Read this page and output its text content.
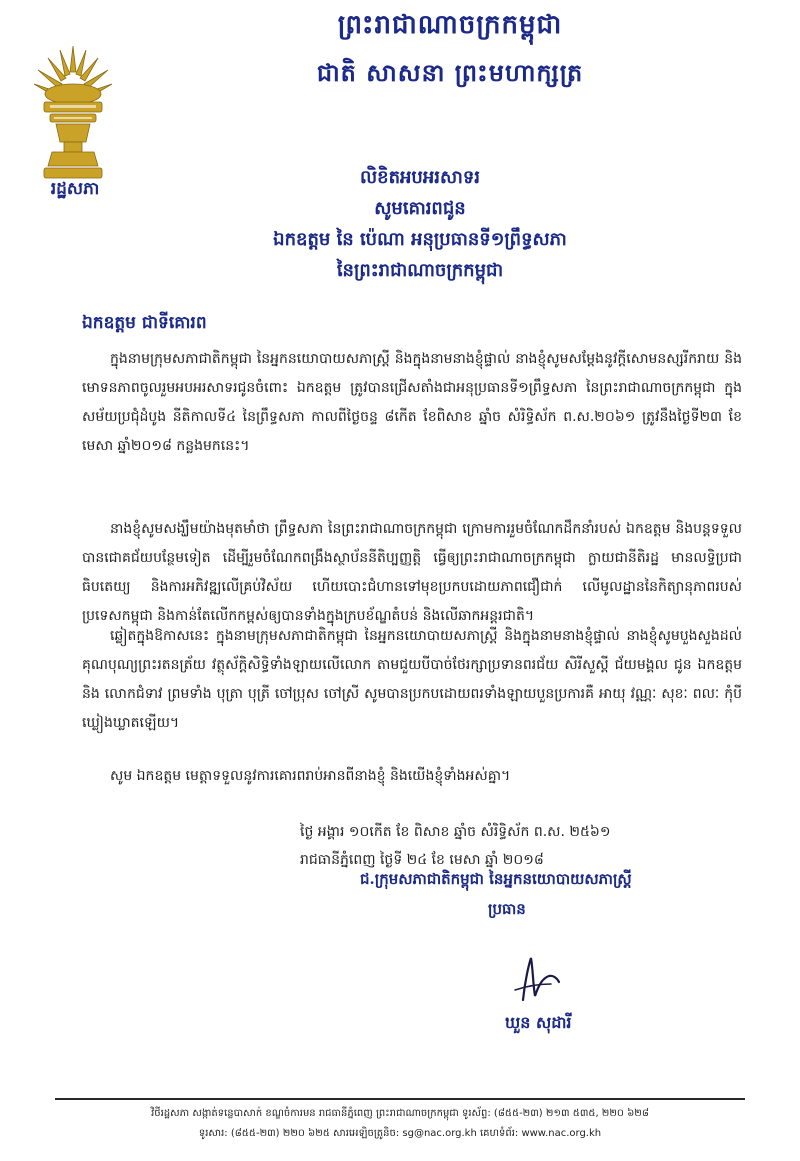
ព្រះរាជាណាចក្រកម្ពុជា
ជាតិ សាសនា ព្រះមហាក្សត្រ
រដ្ឋសភា
លិខិតអបអរសាទរ
សូមគោរពជូន
ឯកឧត្តម នៃ ប៉េណា អនុប្រធានទី១ព្រឹទ្ធសភា
នៃព្រះរាជាណាចក្រកម្ពុជា
ឯកឧត្តម ជាទីគោរព
ក្នុងនាមក្រុមសភាជាតិកម្ពុជា នៃអ្នកនយោបាយសភាស្ត្រី និងក្នុងនាមនាងខ្ញុំផ្ទាល់ នាងខ្ញុំសូមសម្តែងនូវក្តីសោមនស្សរីករាយ និងមោទនភាពចូលរួមអបអរសាទរជូនចំពោះ ឯកឧត្តម ត្រូវបានជ្រើសតាំងជាអនុប្រធានទី១ព្រឹទ្ធសភា នៃព្រះរាជាណាចក្រកម្ពុជា ក្នុងសម័យប្រជុំដំបូង នីតិកាលទី៤ នៃព្រឹទ្ធសភា កាលពីថ្ងៃចន្ទ ៨កើត ខែពិសាខ ឆ្នាំច សំរិទ្ធិស័ក ព.ស.២០៦១ ត្រូវនឹងថ្ងៃទី២៣ ខែមេសា ឆ្នាំ២០១៨ កន្លងមកនេះ។
នាងខ្ញុំសូមសង្ឃឹមយ៉ាងមុតមាំថា ព្រឹទ្ធសភា នៃព្រះរាជាណាចក្រកម្ពុជា ក្រោមការរួមចំណែកដឹកនាំរបស់ ឯកឧត្តម និងបន្តទទួលបានជោគជ័យបន្ថែមទៀត ដើម្បីរួមចំណែកពង្រឹងស្ថាប័ននីតិប្បញ្ញត្តិ ធ្វើឲ្យព្រះរាជាណាចក្រកម្ពុជា ក្លាយជានីតិរដ្ឋ មានលទ្ធិប្រជាធិបតេយ្យ និងការអភិវឌ្ឍលើគ្រប់វិស័យ ហើយបោះជំហានទៅមុខប្រកបដោយភាពជឿជាក់ លើមូលដ្ឋាននៃកិត្យានុភាពរបស់ប្រទេសកម្ពុជា និងកាន់តែលើកកម្ពស់ឲ្យបានទាំងក្នុងក្របខ័ណ្ឌតំបន់ និងលើឆាកអន្តរជាតិ។
ឆ្លៀតក្នុងឱកាសនេះ ក្នុងនាមក្រុមសភាជាតិកម្ពុជា នៃអ្នកនយោបាយសភាស្ត្រី និងក្នុងនាមនាងខ្ញុំផ្ទាល់ នាងខ្ញុំសូមបួងសួងដល់គុណបុណ្យព្រះរតនត្រ័យ វត្ថុស័ក្តិសិទ្ធិទាំងឡាយលើលោក តាមជួយបីបាច់ថែរក្សាប្រទានពរជ័យ សិរីសួស្តី ជ័យមង្គល ជូន ឯកឧត្តម និង លោកជំទាវ ព្រមទាំង បុត្រា បុត្រី ចៅប្រុស ចៅស្រី សូមបានប្រកបដោយពរទាំងឡាយបួនប្រការគឺ អាយុ វណ្ណៈ សុខៈ ពលៈ កុំបី ឃ្លៀងឃ្លាតឡើយ។
សូម ឯកឧត្តម មេត្តាទទួលនូវការគោរពរាប់អានពីនាងខ្ញុំ និងយើងខ្ញុំទាំងអស់គ្នា។
ថ្ងៃ អង្គារ ១០កើត ខែ ពិសាខ ឆ្នាំច សំរិទ្ធិស័ក ព.ស. ២៥៦១
រាជធានីភ្នំពេញ ថ្ងៃទី ២៤ ខែ មេសា ឆ្នាំ ២០១៨
ជ.ក្រុមសភាជាតិកម្ពុជា នៃអ្នកនយោបាយសភាស្ត្រី
ប្រធាន
ឃួន សុដារី
វិថីរដ្ឋសភា សង្កាត់ទន្លេបាសាក់ ខណ្ឌចំការមន រាជធានីភ្នំពេញ ព្រះរាជាណាចក្រកម្ពុជា ទូរស័ព្ទ: (៨៥៥-២៣) ២១៣ ៥៣៥, ២២០ ៦២៨
ទូរសារ: (៨៥៥-២៣) ២២០ ៦២៥ សារអេឡិចត្រូនិច: sg@nac.org.kh គេហទំព័រ: www.nac.org.kh
